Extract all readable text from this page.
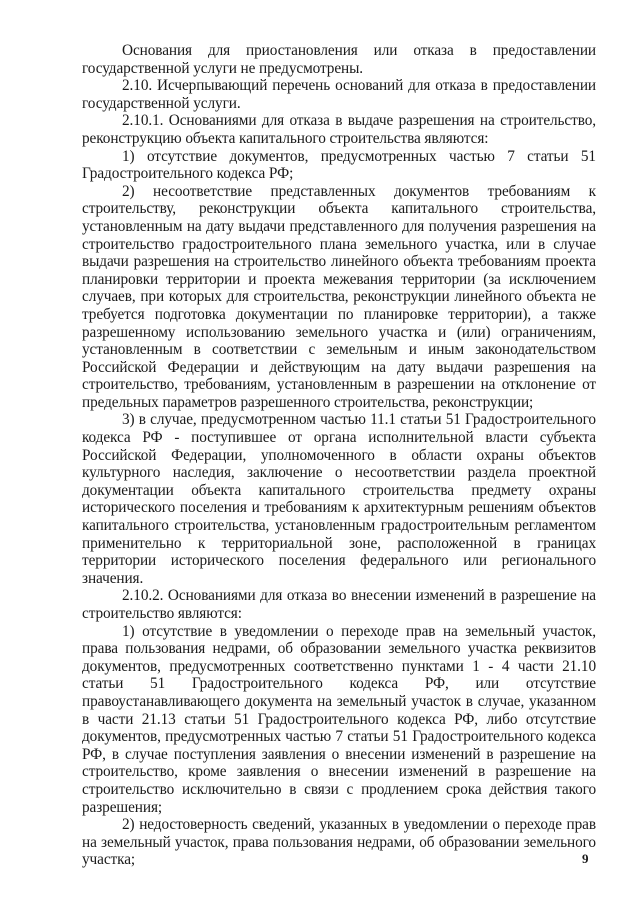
Основания для приостановления или отказа в предоставлении государственной услуги не предусмотрены.

2.10. Исчерпывающий перечень оснований для отказа в предоставлении государственной услуги.

2.10.1. Основаниями для отказа в выдаче разрешения на строительство, реконструкцию объекта капитального строительства являются:

1) отсутствие документов, предусмотренных частью 7 статьи 51 Градостроительного кодекса РФ;

2) несоответствие представленных документов требованиям к строительству, реконструкции объекта капитального строительства, установленным на дату выдачи представленного для получения разрешения на строительство градостроительного плана земельного участка, или в случае выдачи разрешения на строительство линейного объекта требованиям проекта планировки территории и проекта межевания территории (за исключением случаев, при которых для строительства, реконструкции линейного объекта не требуется подготовка документации по планировке территории), а также разрешенному использованию земельного участка и (или) ограничениям, установленным в соответствии с земельным и иным законодательством Российской Федерации и действующим на дату выдачи разрешения на строительство, требованиям, установленным в разрешении на отклонение от предельных параметров разрешенного строительства, реконструкции;

3) в случае, предусмотренном частью 11.1 статьи 51 Градостроительного кодекса РФ - поступившее от органа исполнительной власти субъекта Российской Федерации, уполномоченного в области охраны объектов культурного наследия, заключение о несоответствии раздела проектной документации объекта капитального строительства предмету охраны исторического поселения и требованиям к архитектурным решениям объектов капитального строительства, установленным градостроительным регламентом применительно к территориальной зоне, расположенной в границах территории исторического поселения федерального или регионального значения.

2.10.2. Основаниями для отказа во внесении изменений в разрешение на строительство являются:

1) отсутствие в уведомлении о переходе прав на земельный участок, права пользования недрами, об образовании земельного участка реквизитов документов, предусмотренных соответственно пунктами 1 - 4 части 21.10 статьи 51 Градостроительного кодекса РФ, или отсутствие правоустанавливающего документа на земельный участок в случае, указанном в части 21.13 статьи 51 Градостроительного кодекса РФ, либо отсутствие документов, предусмотренных частью 7 статьи 51 Градостроительного кодекса РФ, в случае поступления заявления о внесении изменений в разрешение на строительство, кроме заявления о внесении изменений в разрешение на строительство исключительно в связи с продлением срока действия такого разрешения;

2) недостоверность сведений, указанных в уведомлении о переходе прав на земельный участок, права пользования недрами, об образовании земельного участка;	9
